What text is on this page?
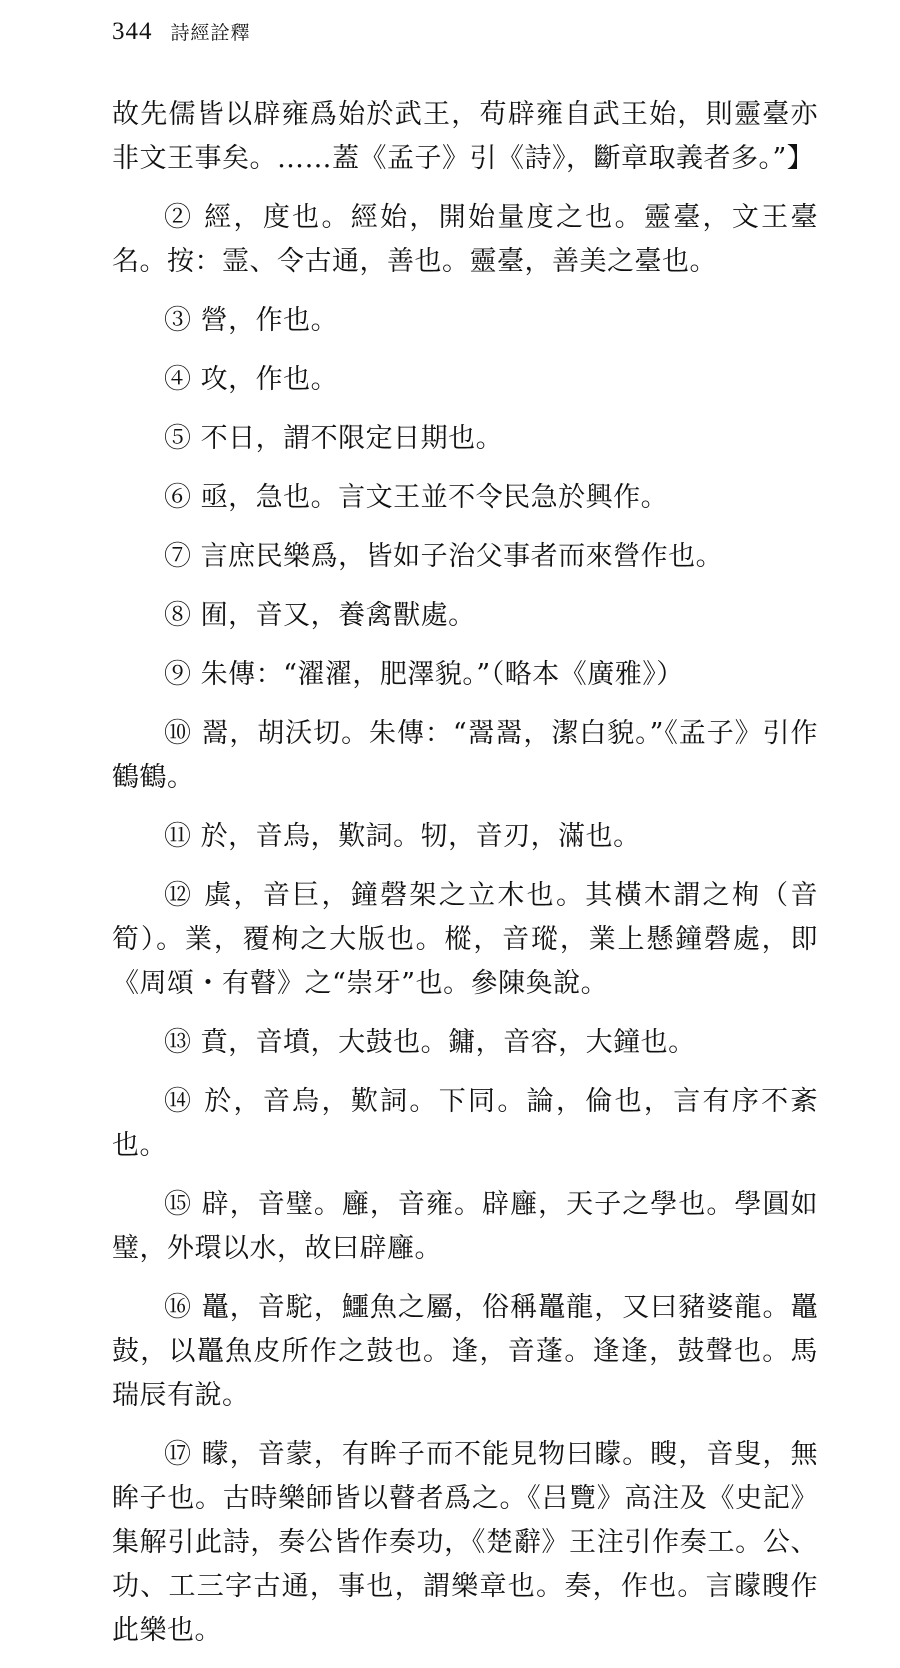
344 詩經詮釋

故先儒皆以辟雍爲始於武王，苟辟雍自武王始，則靈臺亦非文王事矣。……蓋《孟子》引《詩》，斷章取義者多。”】

② 經，度也。經始，開始量度之也。靈臺，文王臺名。按：霊、令古通，善也。靈臺，善美之臺也。

③ 營，作也。

④ 攻，作也。

⑤ 不日，謂不限定日期也。

⑥ 亟，急也。言文王並不令民急於興作。

⑦ 言庶民樂爲，皆如子治父事者而來營作也。

⑧ 囿，音又，養禽獸處。

⑨ 朱傳：“濯濯，肥澤貌。”（略本《廣雅》）

⑩ 翯，胡沃切。朱傳：“翯翯，潔白貌。”《孟子》引作鶴鶴。

⑪ 於，音烏，歎詞。牣，音刃，滿也。

⑫ 虡，音巨，鐘磬架之立木也。其橫木謂之栒（音筍）。業，覆栒之大版也。樅，音瑽，業上懸鐘磬處，即《周頌・有瞽》之“崇牙”也。參陳奐說。

⑬ 賁，音墳，大鼓也。鏞，音容，大鐘也。

⑭ 於，音烏，歎詞。下同。論，倫也，言有序不紊也。

⑮ 辟，音璧。廱，音雍。辟廱，天子之學也。學圓如璧，外環以水，故曰辟廱。

⑯ 鼉，音駝，鱷魚之屬，俗稱鼉龍，又曰豬婆龍。鼉鼓，以鼉魚皮所作之鼓也。逢，音蓬。逢逢，鼓聲也。馬瑞辰有說。

⑰ 矇，音蒙，有眸子而不能見物曰矇。瞍，音叟，無眸子也。古時樂師皆以瞽者爲之。《吕覽》高注及《史記》集解引此詩，奏公皆作奏功，《楚辭》王注引作奏工。公、功、工三字古通，事也，謂樂章也。奏，作也。言矇瞍作此樂也。
